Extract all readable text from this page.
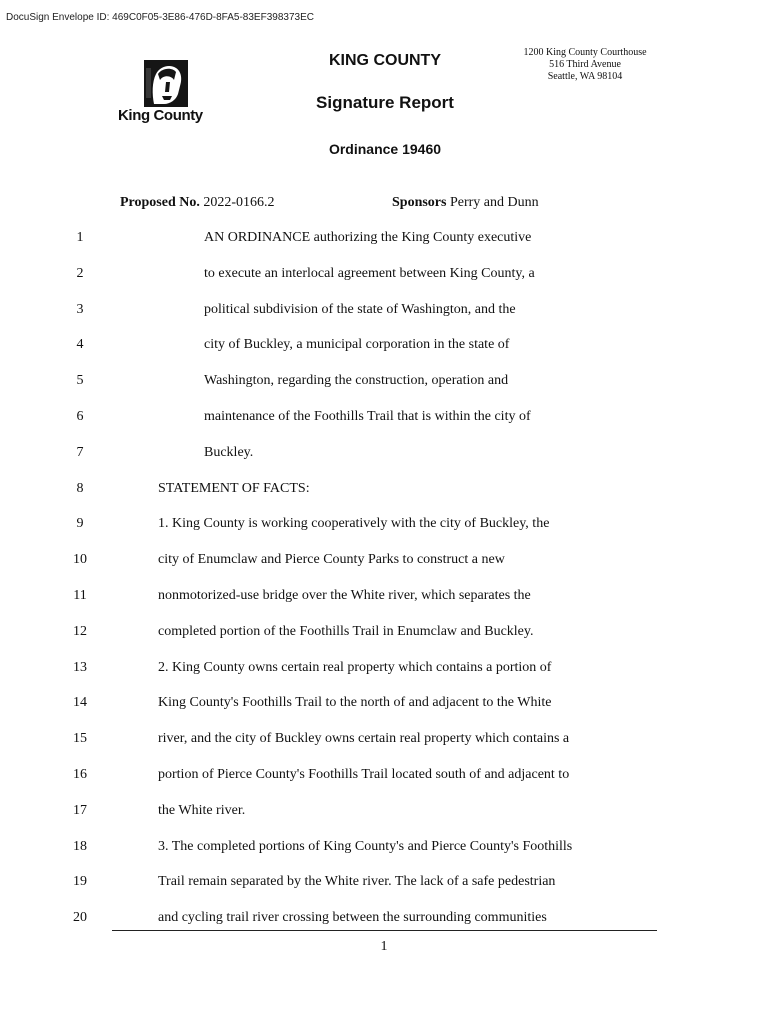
DocuSign Envelope ID: 469C0F05-3E86-476D-8FA5-83EF398373EC
King County
KING COUNTY
Signature Report
Ordinance 19460
1200 King County Courthouse
516 Third Avenue
Seattle, WA 98104
Proposed No. 2022-0166.2	Sponsors Perry and Dunn
1	AN ORDINANCE authorizing the King County executive
2	to execute an interlocal agreement between King County, a
3	political subdivision of the state of Washington, and the
4	city of Buckley, a municipal corporation in the state of
5	Washington, regarding the construction, operation and
6	maintenance of the Foothills Trail that is within the city of
7	Buckley.
8	STATEMENT OF FACTS:
9	1. King County is working cooperatively with the city of Buckley, the
10	city of Enumclaw and Pierce County Parks to construct a new
11	nonmotorized-use bridge over the White river, which separates the
12	completed portion of the Foothills Trail in Enumclaw and Buckley.
13	2. King County owns certain real property which contains a portion of
14	King County's Foothills Trail to the north of and adjacent to the White
15	river, and the city of Buckley owns certain real property which contains a
16	portion of Pierce County's Foothills Trail located south of and adjacent to
17	the White river.
18	3. The completed portions of King County's and Pierce County's Foothills
19	Trail remain separated by the White river. The lack of a safe pedestrian
20	and cycling trail river crossing between the surrounding communities
1
